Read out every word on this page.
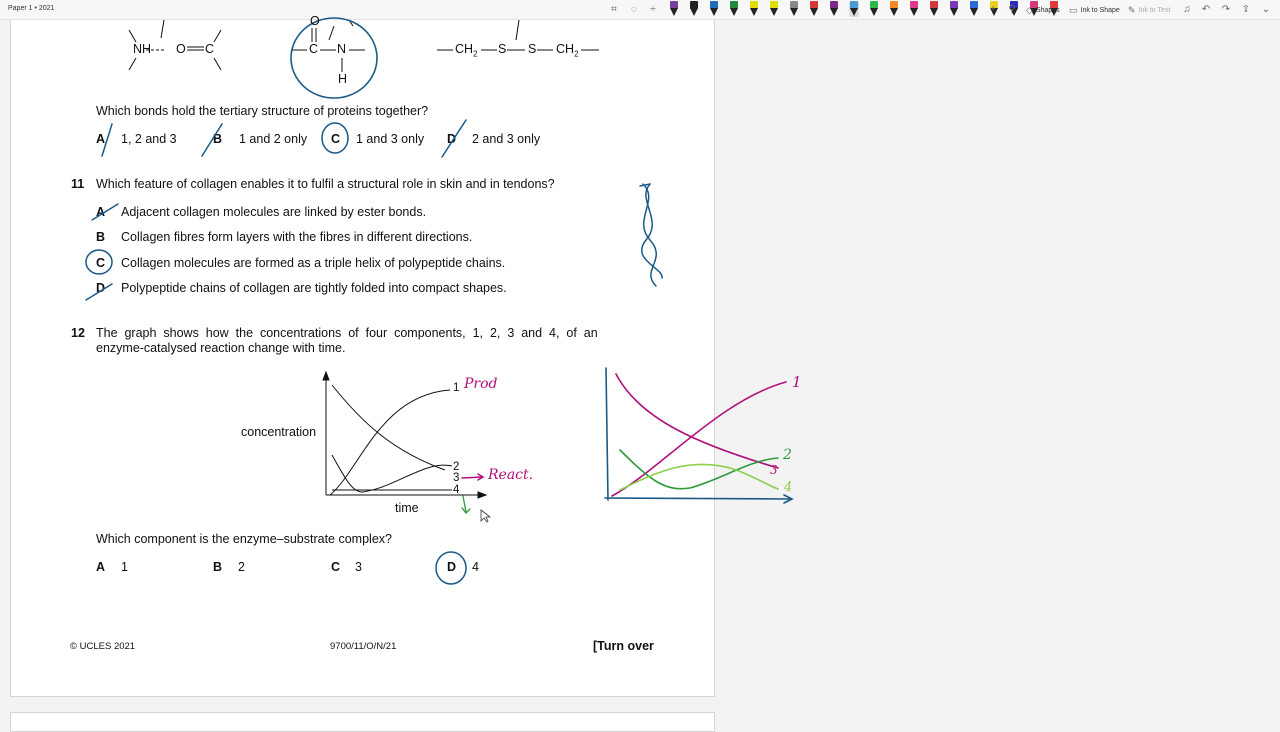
Paper 1 • 2021	⌗	◌	÷	+	⚲ ◇ Shapes ▭ Ink to Shape ✎ Ink to Text ♫ ↶ ↷ ⇪ ⌄
NH O C
O
C N
H
$CH_2$ S S $CH_2$
Which bonds hold the tertiary structure of proteins together?
A 1, 2 and 3	B 1 and 2 only C 1 and 3 only D 2 and 3 only
11 Which feature of collagen enables it to fulfil a structural role in skin and in tendons?
A Adjacent collagen molecules are linked by ester bonds.
B Collagen fibres form layers with the fibres in different directions.
C Collagen molecules are formed as a triple helix of polypeptide chains.
D Polypeptide chains of collagen are tightly folded into compact shapes.
12 The  graph  shows  how  the  concentrations  of  four  components,  1,  2,  3  and  4,  of  an
enzyme-catalysed reaction change with time.
concentration
time
1
2
3
4
Which component is the enzyme–substrate complex?
A 1	B 2	C 3	D 4
© UCLES 2021	9700/11/O/N/21	[Turn over
Prod
React.
1
2
3
4
